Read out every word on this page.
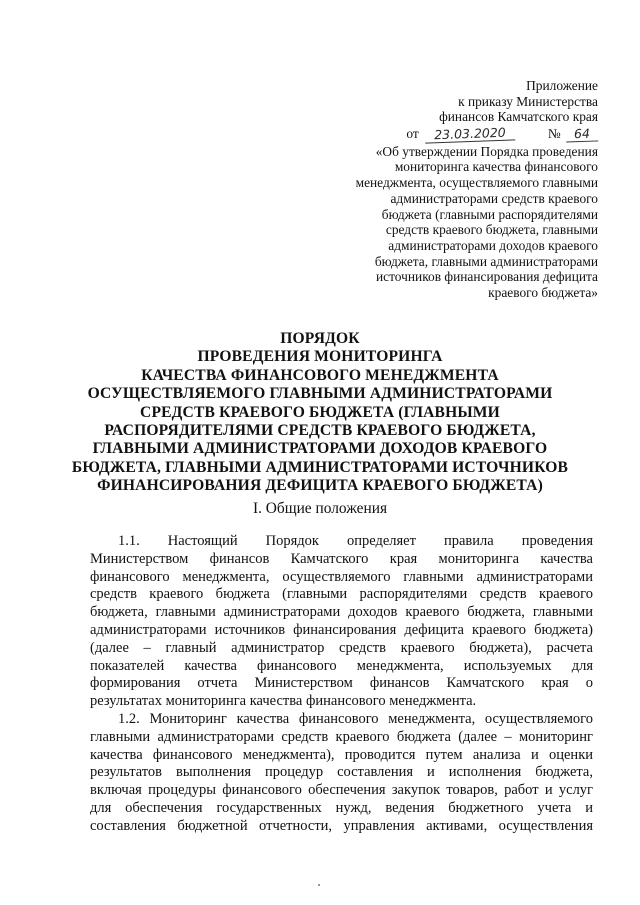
Приложение
к приказу Министерства
финансов Камчатского края
от 23.03.2020	№ 64
«Об утверждении Порядка проведения
мониторинга качества финансового
менеджмента, осуществляемого главными
администраторами средств краевого
бюджета (главными распорядителями
средств краевого бюджета, главными
администраторами доходов краевого
бюджета, главными администраторами
источников финансирования дефицита
краевого бюджета»
ПОРЯДОК
ПРОВЕДЕНИЯ МОНИТОРИНГА
КАЧЕСТВА ФИНАНСОВОГО МЕНЕДЖМЕНТА
ОСУЩЕСТВЛЯЕМОГО ГЛАВНЫМИ АДМИНИСТРАТОРАМИ
СРЕДСТВ КРАЕВОГО БЮДЖЕТА (ГЛАВНЫМИ
РАСПОРЯДИТЕЛЯМИ СРЕДСТВ КРАЕВОГО БЮДЖЕТА,
ГЛАВНЫМИ АДМИНИСТРАТОРАМИ ДОХОДОВ КРАЕВОГО
БЮДЖЕТА, ГЛАВНЫМИ АДМИНИСТРАТОРАМИ ИСТОЧНИКОВ
ФИНАНСИРОВАНИЯ ДЕФИЦИТА КРАЕВОГО БЮДЖЕТА)
I. Общие положения
1.1. Настоящий Порядок определяет правила проведения
Министерством финансов Камчатского края мониторинга качества
финансового менеджмента, осуществляемого главными администраторами
средств краевого бюджета (главными распорядителями средств краевого
бюджета, главными администраторами доходов краевого бюджета, главными
администраторами источников финансирования дефицита краевого бюджета)
(далее – главный администратор средств краевого бюджета), расчета
показателей качества финансового менеджмента, используемых для
формирования отчета Министерством финансов Камчатского края о
результатах мониторинга качества финансового менеджмента.
1.2. Мониторинг качества финансового менеджмента, осуществляемого
главными администраторами средств краевого бюджета (далее – мониторинг
качества финансового менеджмента), проводится путем анализа и оценки
результатов выполнения процедур составления и исполнения бюджета,
включая процедуры финансового обеспечения закупок товаров, работ и услуг
для обеспечения государственных нужд, ведения бюджетного учета и
составления бюджетной отчетности, управления активами, осуществления
